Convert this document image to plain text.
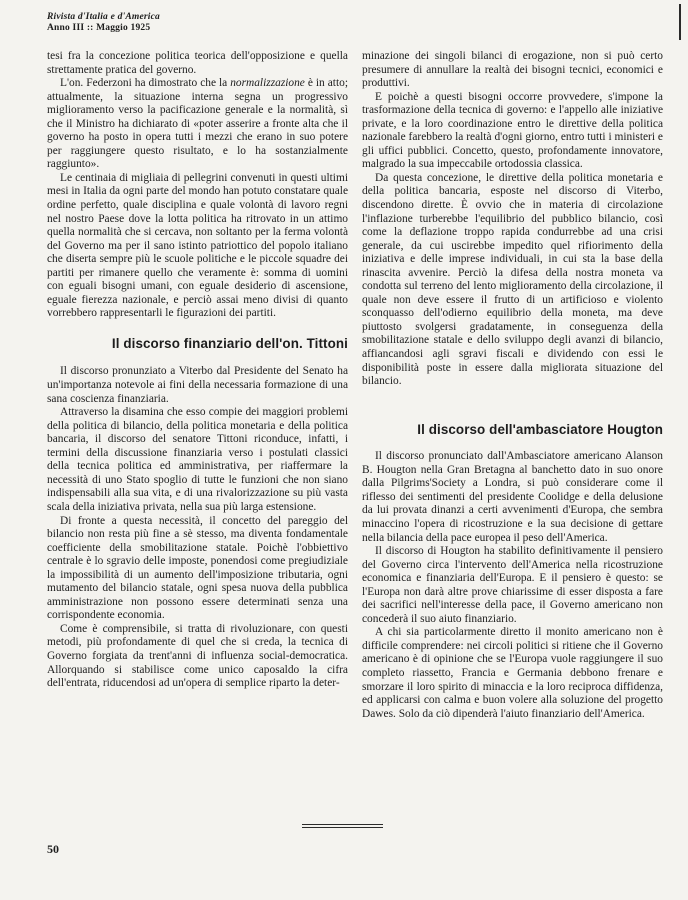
Rivista d'Italia e d'America
Anno III :: Maggio 1925

tesi fra la concezione politica teorica dell'opposizione e quella strettamente pratica del governo.

L'on. Federzoni ha dimostrato che la normalizzazione è in atto; attualmente, la situazione interna segna un progressivo miglioramento verso la pacificazione generale e la normalità, sì che il Ministro ha dichiarato di «poter asserire a fronte alta che il governo ha posto in opera tutti i mezzi che erano in suo potere per raggiungere questo risultato, e lo ha sostanzialmente raggiunto».

Le centinaia di migliaia di pellegrini convenuti in questi ultimi mesi in Italia da ogni parte del mondo han potuto constatare quale ordine perfetto, quale disciplina e quale volontà di lavoro regni nel nostro Paese dove la lotta politica ha ritrovato in un attimo quella normalità che si cercava, non soltanto per la ferma volontà del Governo ma per il sano istinto patriottico del popolo italiano che diserta sempre più le scuole politiche e le piccole squadre dei partiti per rimanere quello che veramente è: somma di uomini con eguali bisogni umani, con eguale desiderio di ascensione, eguale fierezza nazionale, e perciò assai meno divisi di quanto vorrebbero rappresentarli le figurazioni dei partiti.

Il discorso finanziario dell'on. Tittoni

Il discorso pronunziato a Viterbo dal Presidente del Senato ha un'importanza notevole ai fini della necessaria formazione di una sana coscienza finanziaria.

Attraverso la disamina che esso compie dei maggiori problemi della politica di bilancio, della politica monetaria e della politica bancaria, il discorso del senatore Tittoni riconduce, infatti, i termini della discussione finanziaria verso i postulati classici della tecnica politica ed amministrativa, per riaffermare la necessità di uno Stato spoglio di tutte le funzioni che non siano indispensabili alla sua vita, e di una rivalorizzazione su più vasta scala della iniziativa privata, nella sua più larga estensione.

Di fronte a questa necessità, il concetto del pareggio del bilancio non resta più fine a sè stesso, ma diventa fondamentale coefficiente della smobilitazione statale. Poichè l'obbiettivo centrale è lo sgravio delle imposte, ponendosi come pregiudiziale la impossibilità di un aumento dell'imposizione tributaria, ogni mutamento del bilancio statale, ogni spesa nuova della pubblica amministrazione non possono essere determinati senza una corrispondente economia.

Come è comprensibile, si tratta di rivoluzionare, con questi metodi, più profondamente di quel che si creda, la tecnica di Governo forgiata da trent'anni di influenza social-democratica. Allorquando si stabilisce come unico caposaldo la cifra dell'entrata, riducendosi ad un'opera di semplice riparto la deter-

minazione dei singoli bilanci di erogazione, non si può certo presumere di annullare la realtà dei bisogni tecnici, economici e produttivi.

E poichè a questi bisogni occorre provvedere, s'impone la trasformazione della tecnica di governo: e l'appello alle iniziative private, e la loro coordinazione entro le direttive della politica nazionale farebbero la realtà d'ogni giorno, entro tutti i ministeri e gli uffici pubblici. Concetto, questo, profondamente innovatore, malgrado la sua impeccabile ortodossia classica.

Da questa concezione, le direttive della politica monetaria e della politica bancaria, esposte nel discorso di Viterbo, discendono dirette. È ovvio che in materia di circolazione l'inflazione turberebbe l'equilibrio del pubblico bilancio, così come la deflazione troppo rapida condurrebbe ad una crisi generale, da cui uscirebbe impedito quel rifiorimento della iniziativa e delle imprese individuali, in cui sta la base della rinascita avvenire. Perciò la difesa della nostra moneta va condotta sul terreno del lento miglioramento della circolazione, il quale non deve essere il frutto di un artificioso e violento sconquasso dell'odierno equilibrio della moneta, ma deve piuttosto svolgersi gradatamente, in conseguenza della smobilitazione statale e dello sviluppo degli avanzi di bilancio, affiancandosi agli sgravi fiscali e dividendo con essi le disponibilità poste in essere dalla migliorata situazione del bilancio.

Il discorso dell'ambasciatore Hougton

Il discorso pronunciato dall'Ambasciatore americano Alanson B. Hougton nella Gran Bretagna al banchetto dato in suo onore dalla Pilgrims'Society a Londra, si può considerare come il riflesso dei sentimenti del presidente Coolidge e della delusione da lui provata dinanzi a certi avvenimenti d'Europa, che sembra minaccino l'opera di ricostruzione e la sua decisione di gettare nella bilancia della pace europea il peso dell'America.

Il discorso di Hougton ha stabilito definitivamente il pensiero del Governo circa l'intervento dell'America nella ricostruzione economica e finanziaria dell'Europa. E il pensiero è questo: se l'Europa non darà altre prove chiarissime di esser disposta a fare dei sacrifici nell'interesse della pace, il Governo americano non concederà il suo aiuto finanziario.

A chi sia particolarmente diretto il monito americano non è difficile comprendere: nei circoli politici si ritiene che il Governo americano è di opinione che se l'Europa vuole raggiungere il suo completo riassetto, Francia e Germania debbono frenare e smorzare il loro spirito di minaccia e la loro reciproca diffidenza, ed applicarsi con calma e buon volere alla soluzione del progetto Dawes. Solo da ciò dipenderà l'aiuto finanziario dell'America.

50
